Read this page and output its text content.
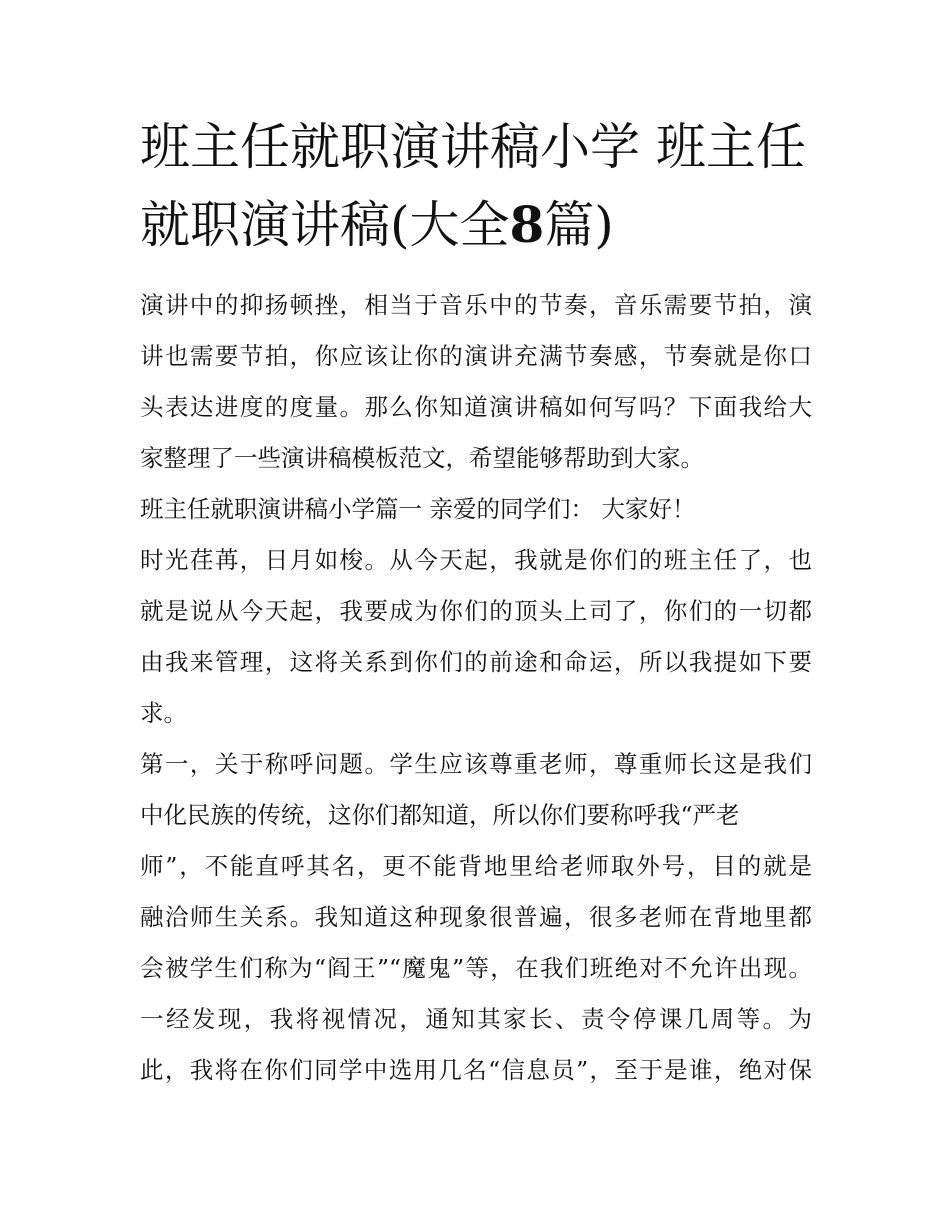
班主任就职演讲稿小学 班主任
就职演讲稿(大全8篇)
演讲中的抑扬顿挫，相当于音乐中的节奏，音乐需要节拍，演
讲也需要节拍，你应该让你的演讲充满节奏感，节奏就是你口
头表达进度的度量。那么你知道演讲稿如何写吗？下面我给大
家整理了一些演讲稿模板范文，希望能够帮助到大家。
班主任就职演讲稿小学篇一 亲爱的同学们： 大家好！
时光荏苒，日月如梭。从今天起，我就是你们的班主任了，也
就是说从今天起，我要成为你们的顶头上司了，你们的一切都
由我来管理，这将关系到你们的前途和命运，所以我提如下要
求。
第一，关于称呼问题。学生应该尊重老师，尊重师长这是我们
中化民族的传统，这你们都知道，所以你们要称呼我“严老
师”，不能直呼其名，更不能背地里给老师取外号，目的就是
融洽师生关系。我知道这种现象很普遍，很多老师在背地里都
会被学生们称为“阎王”“魔鬼”等，在我们班绝对不允许出现。
一经发现，我将视情况，通知其家长、责令停课几周等。为
此，我将在你们同学中选用几名“信息员”，至于是谁，绝对保
